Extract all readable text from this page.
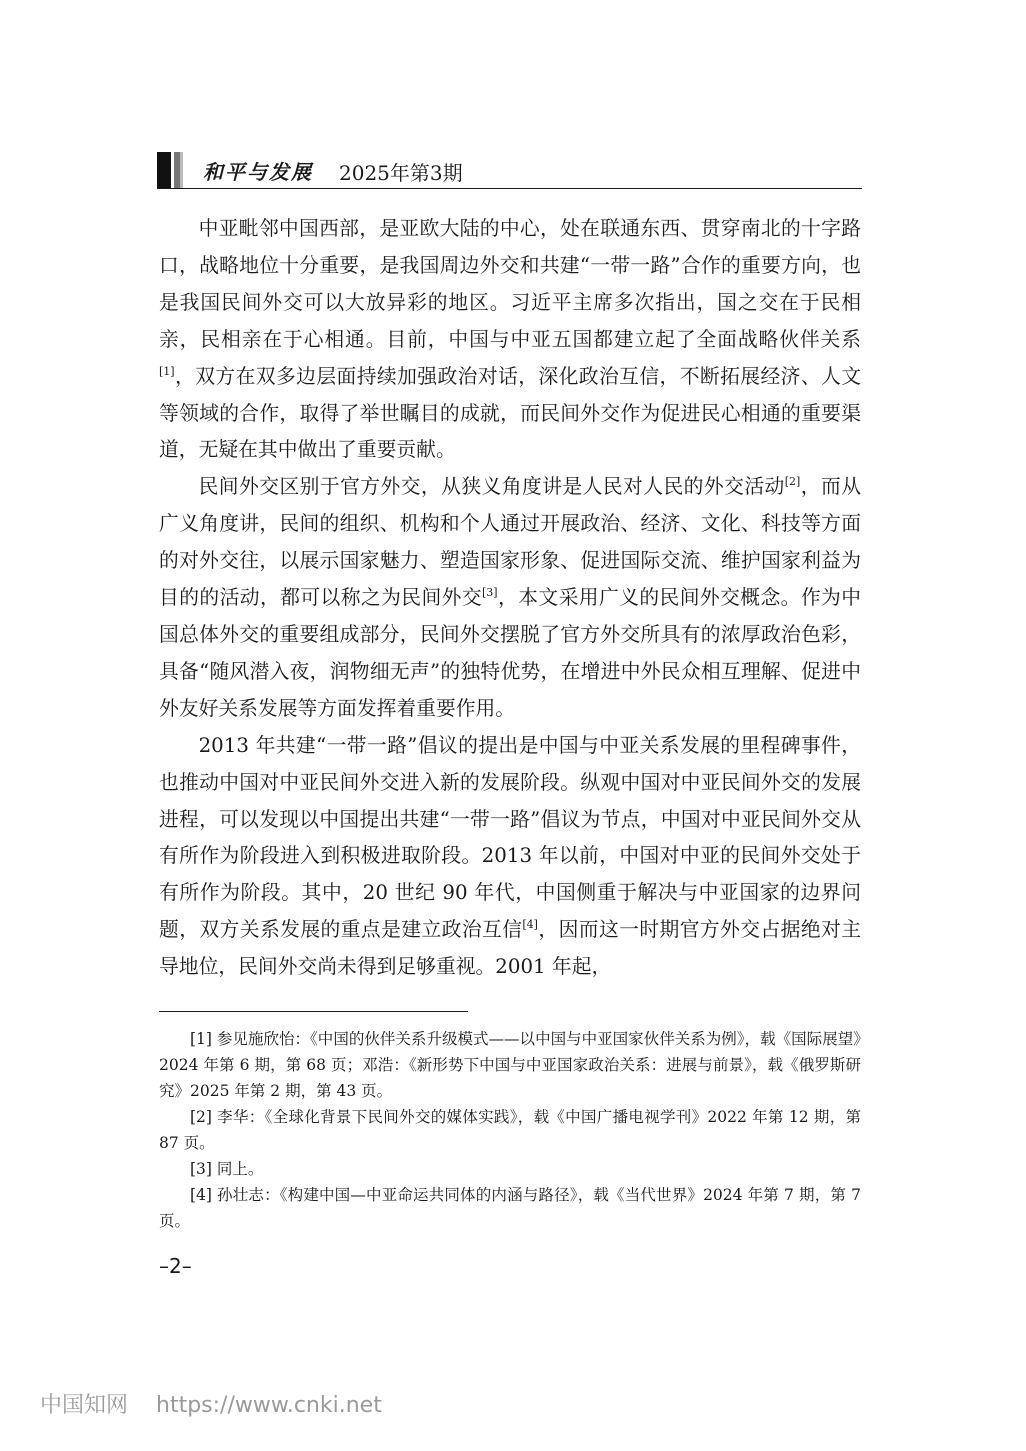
和平与发展 2025年第3期

中亚毗邻中国西部，是亚欧大陆的中心，处在联通东西、贯穿南北的十字路口，战略地位十分重要，是我国周边外交和共建“一带一路”合作的重要方向，也是我国民间外交可以大放异彩的地区。习近平主席多次指出，国之交在于民相亲，民相亲在于心相通。目前，中国与中亚五国都建立起了全面战略伙伴关系[1]，双方在双多边层面持续加强政治对话，深化政治互信，不断拓展经济、人文等领域的合作，取得了举世瞩目的成就，而民间外交作为促进民心相通的重要渠道，无疑在其中做出了重要贡献。

民间外交区别于官方外交，从狭义角度讲是人民对人民的外交活动[2]，而从广义角度讲，民间的组织、机构和个人通过开展政治、经济、文化、科技等方面的对外交往，以展示国家魅力、塑造国家形象、促进国际交流、维护国家利益为目的的活动，都可以称之为民间外交[3]，本文采用广义的民间外交概念。作为中国总体外交的重要组成部分，民间外交摆脱了官方外交所具有的浓厚政治色彩，具备“随风潜入夜，润物细无声”的独特优势，在增进中外民众相互理解、促进中外友好关系发展等方面发挥着重要作用。

2013 年共建“一带一路”倡议的提出是中国与中亚关系发展的里程碑事件，也推动中国对中亚民间外交进入新的发展阶段。纵观中国对中亚民间外交的发展进程，可以发现以中国提出共建“一带一路”倡议为节点，中国对中亚民间外交从有所作为阶段进入到积极进取阶段。2013 年以前，中国对中亚的民间外交处于有所作为阶段。其中，20 世纪 90 年代，中国侧重于解决与中亚国家的边界问题，双方关系发展的重点是建立政治互信[4]，因而这一时期官方外交占据绝对主导地位，民间外交尚未得到足够重视。2001 年起，

[1] 参见施欣怡：《中国的伙伴关系升级模式——以中国与中亚国家伙伴关系为例》，载《国际展望》2024 年第 6 期，第 68 页；邓浩：《新形势下中国与中亚国家政治关系：进展与前景》，载《俄罗斯研究》2025 年第 2 期，第 43 页。

[2] 李华：《全球化背景下民间外交的媒体实践》，载《中国广播电视学刊》2022 年第 12 期，第 87 页。

[3] 同上。

[4] 孙壮志：《构建中国—中亚命运共同体的内涵与路径》，载《当代世界》2024 年第 7 期，第 7 页。

–2–
中国知网 https://www.cnki.net
